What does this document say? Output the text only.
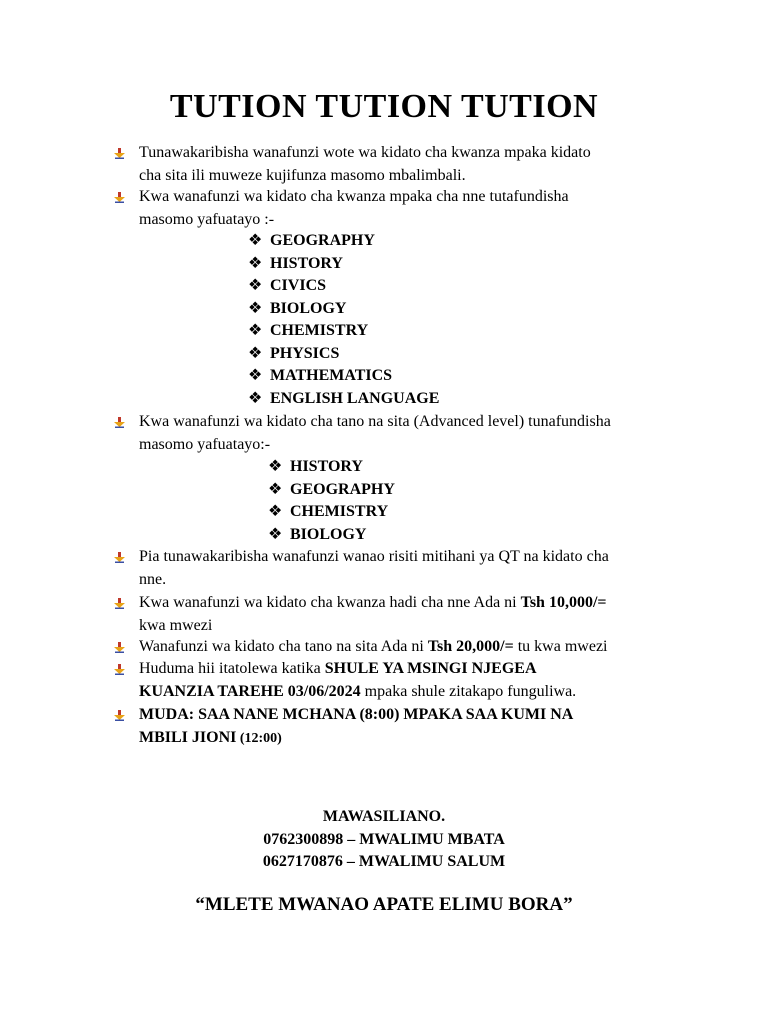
TUTION TUTION TUTION

Tunawakaribisha wanafunzi wote wa kidato cha kwanza mpaka kidato
cha sita ili muweze kujifunza masomo mbalimbali.

Kwa wanafunzi wa kidato cha kwanza mpaka cha nne tutafundisha
masomo yafuatayo :-

❖ GEOGRAPHY
❖ HISTORY
❖ CIVICS
❖ BIOLOGY
❖ CHEMISTRY
❖ PHYSICS
❖ MATHEMATICS
❖ ENGLISH LANGUAGE

Kwa wanafunzi wa kidato cha tano na sita (Advanced level) tunafundisha
masomo yafuatayo:-

❖ HISTORY
❖ GEOGRAPHY
❖ CHEMISTRY
❖ BIOLOGY

Pia tunawakaribisha wanafunzi wanao risiti mitihani ya QT na kidato cha
nne.

Kwa wanafunzi wa kidato cha kwanza hadi cha nne Ada ni Tsh 10,000/=
kwa mwezi

Wanafunzi wa kidato cha tano na sita Ada ni Tsh 20,000/= tu kwa mwezi

Huduma hii itatolewa katika SHULE YA MSINGI NJEGEA
KUANZIA TAREHE 03/06/2024 mpaka shule zitakapo funguliwa.

MUDA: SAA NANE MCHANA (8:00) MPAKA SAA KUMI NA
MBILI JIONI (12:00)

MAWASILIANO.

0762300898 – MWALIMU MBATA

0627170876 – MWALIMU SALUM

“MLETE MWANAO APATE ELIMU BORA”
